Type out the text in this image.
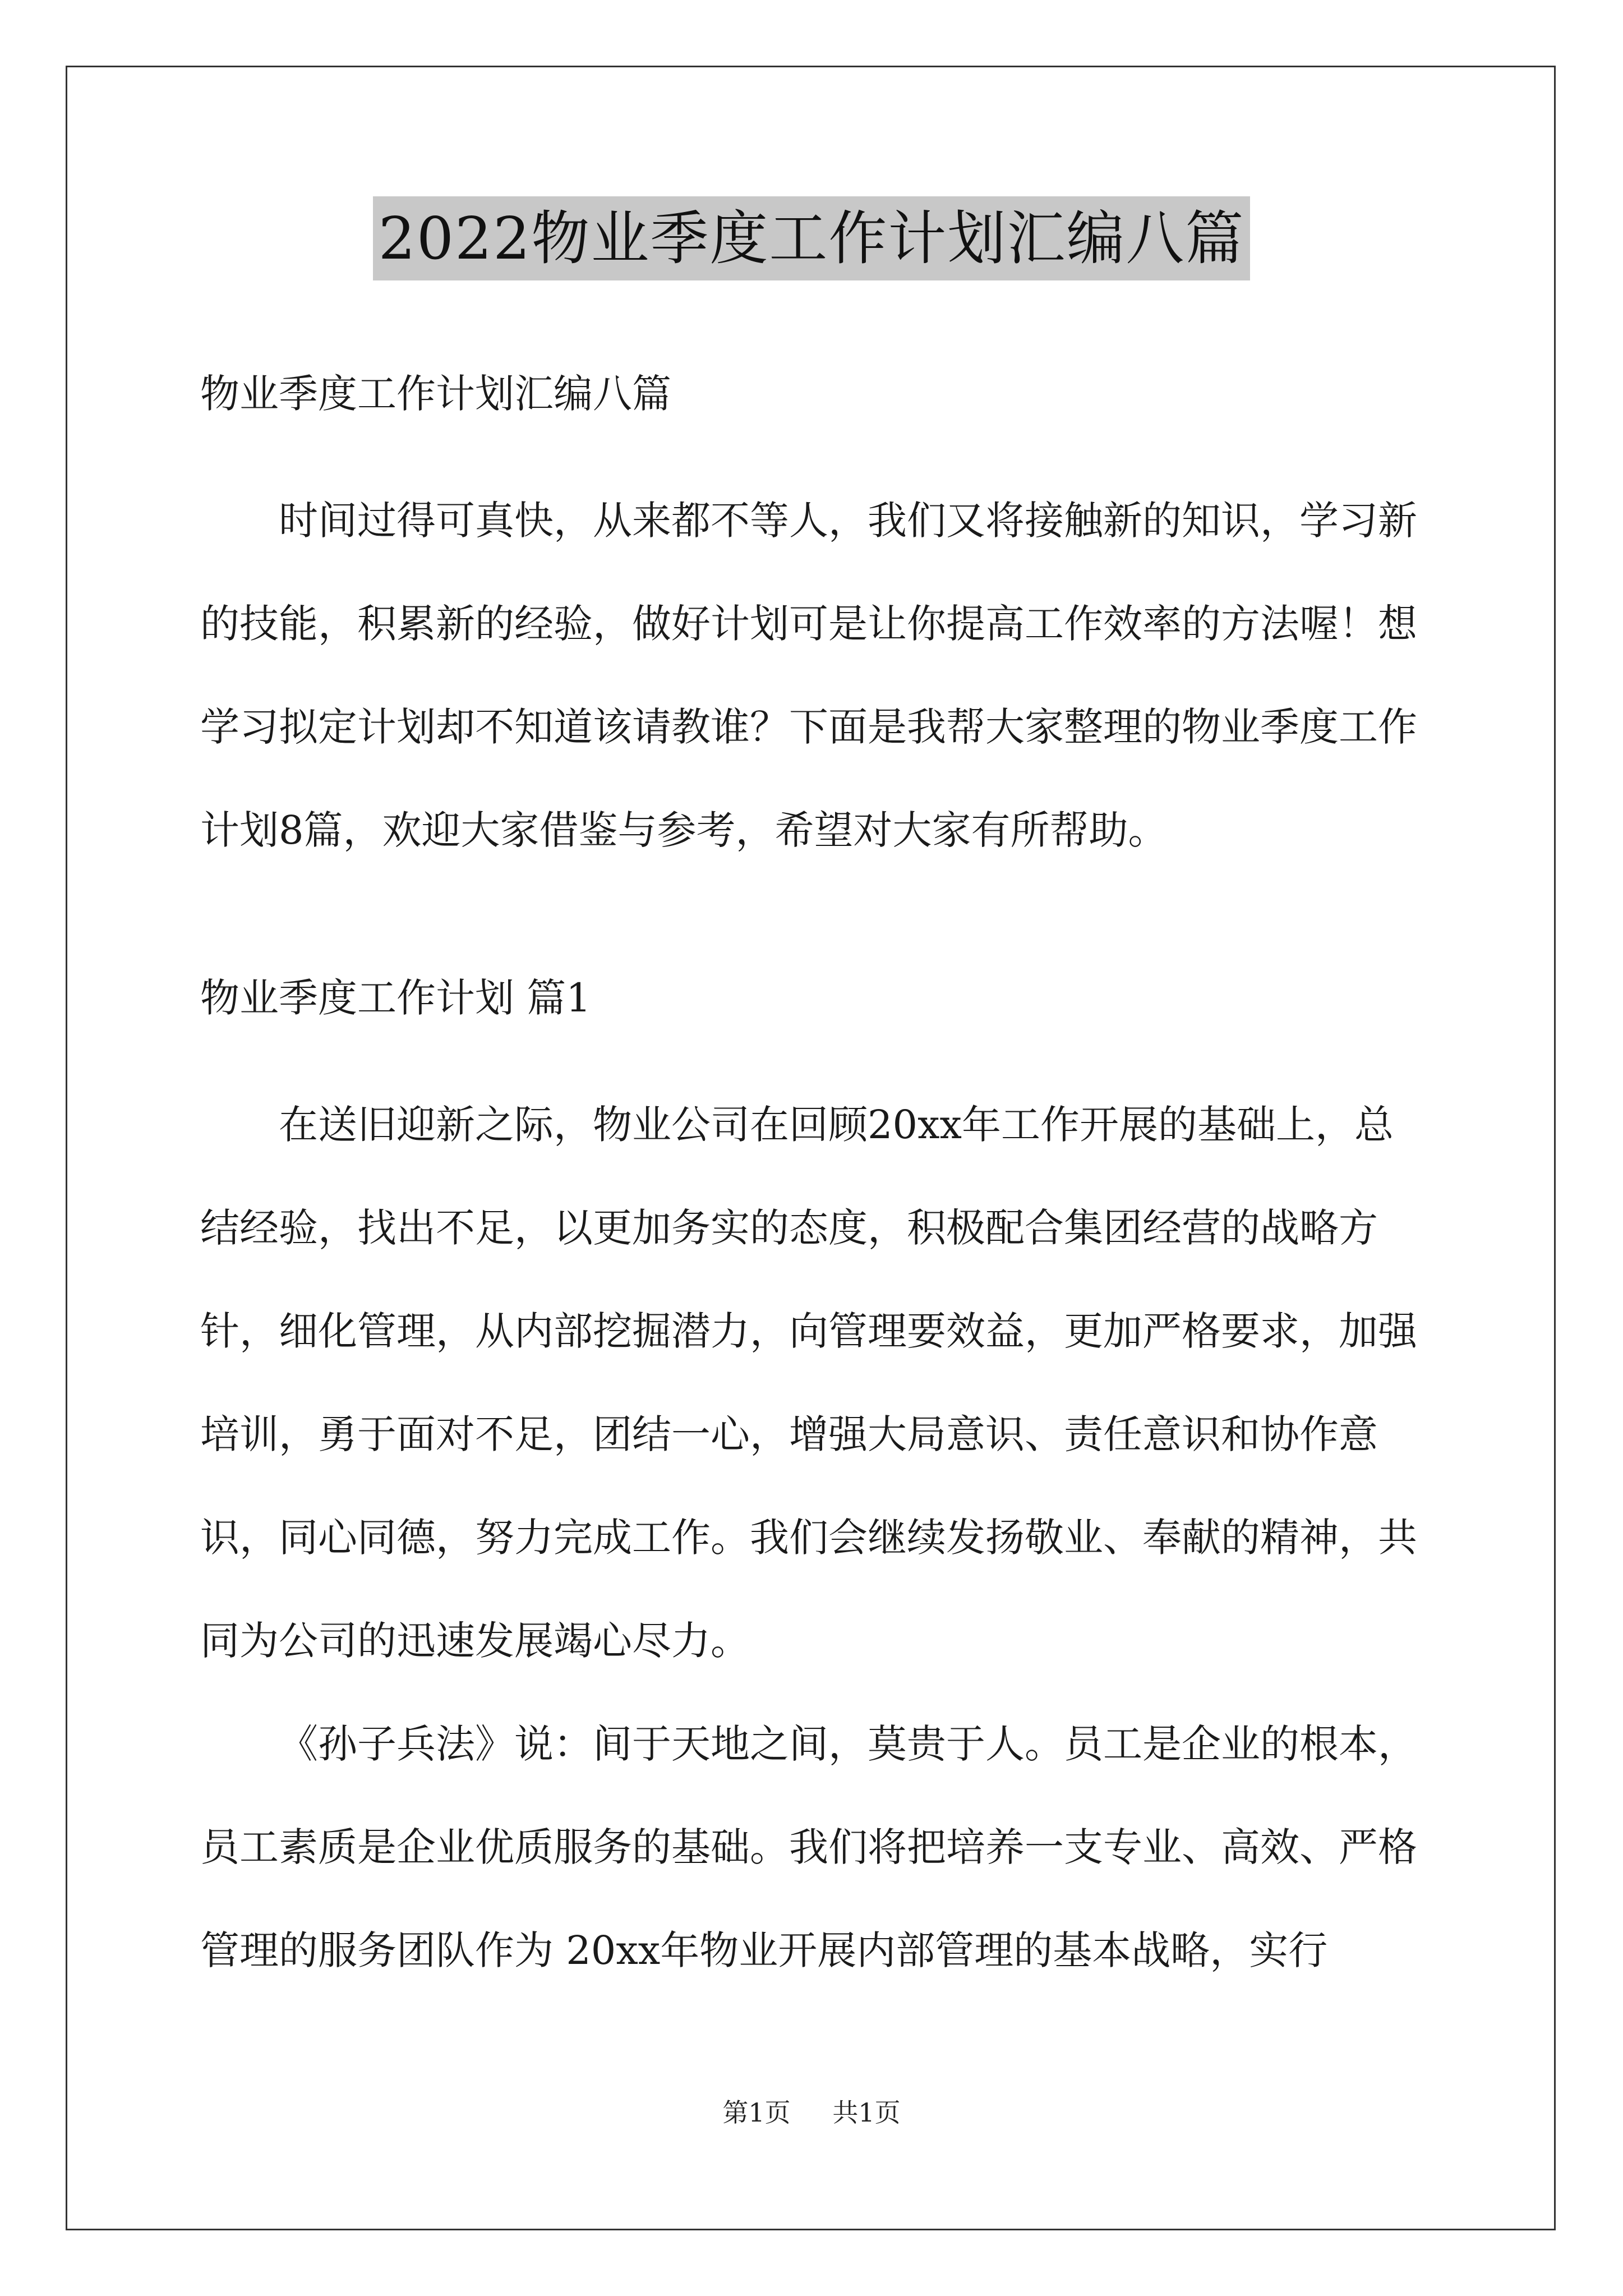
2022物业季度工作计划汇编八篇

物业季度工作计划汇编八篇

时间过得可真快，从来都不等人，我们又将接触新的知识，学习新的技能，积累新的经验，做好计划可是让你提高工作效率的方法喔！想学习拟定计划却不知道该请教谁？下面是我帮大家整理的物业季度工作计划8篇，欢迎大家借鉴与参考，希望对大家有所帮助。

物业季度工作计划 篇1

在送旧迎新之际，物业公司在回顾20xx年工作开展的基础上，总结经验，找出不足，以更加务实的态度，积极配合集团经营的战略方针，细化管理，从内部挖掘潜力，向管理要效益，更加严格要求，加强培训，勇于面对不足，团结一心，增强大局意识、责任意识和协作意识，同心同德，努力完成工作。我们会继续发扬敬业、奉献的精神，共同为公司的迅速发展竭心尽力。

《孙子兵法》说：间于天地之间，莫贵于人。员工是企业的根本，员工素质是企业优质服务的基础。我们将把培养一支专业、高效、严格管理的服务团队作为 20xx年物业开展内部管理的基本战略，实行

第1页 共1页
